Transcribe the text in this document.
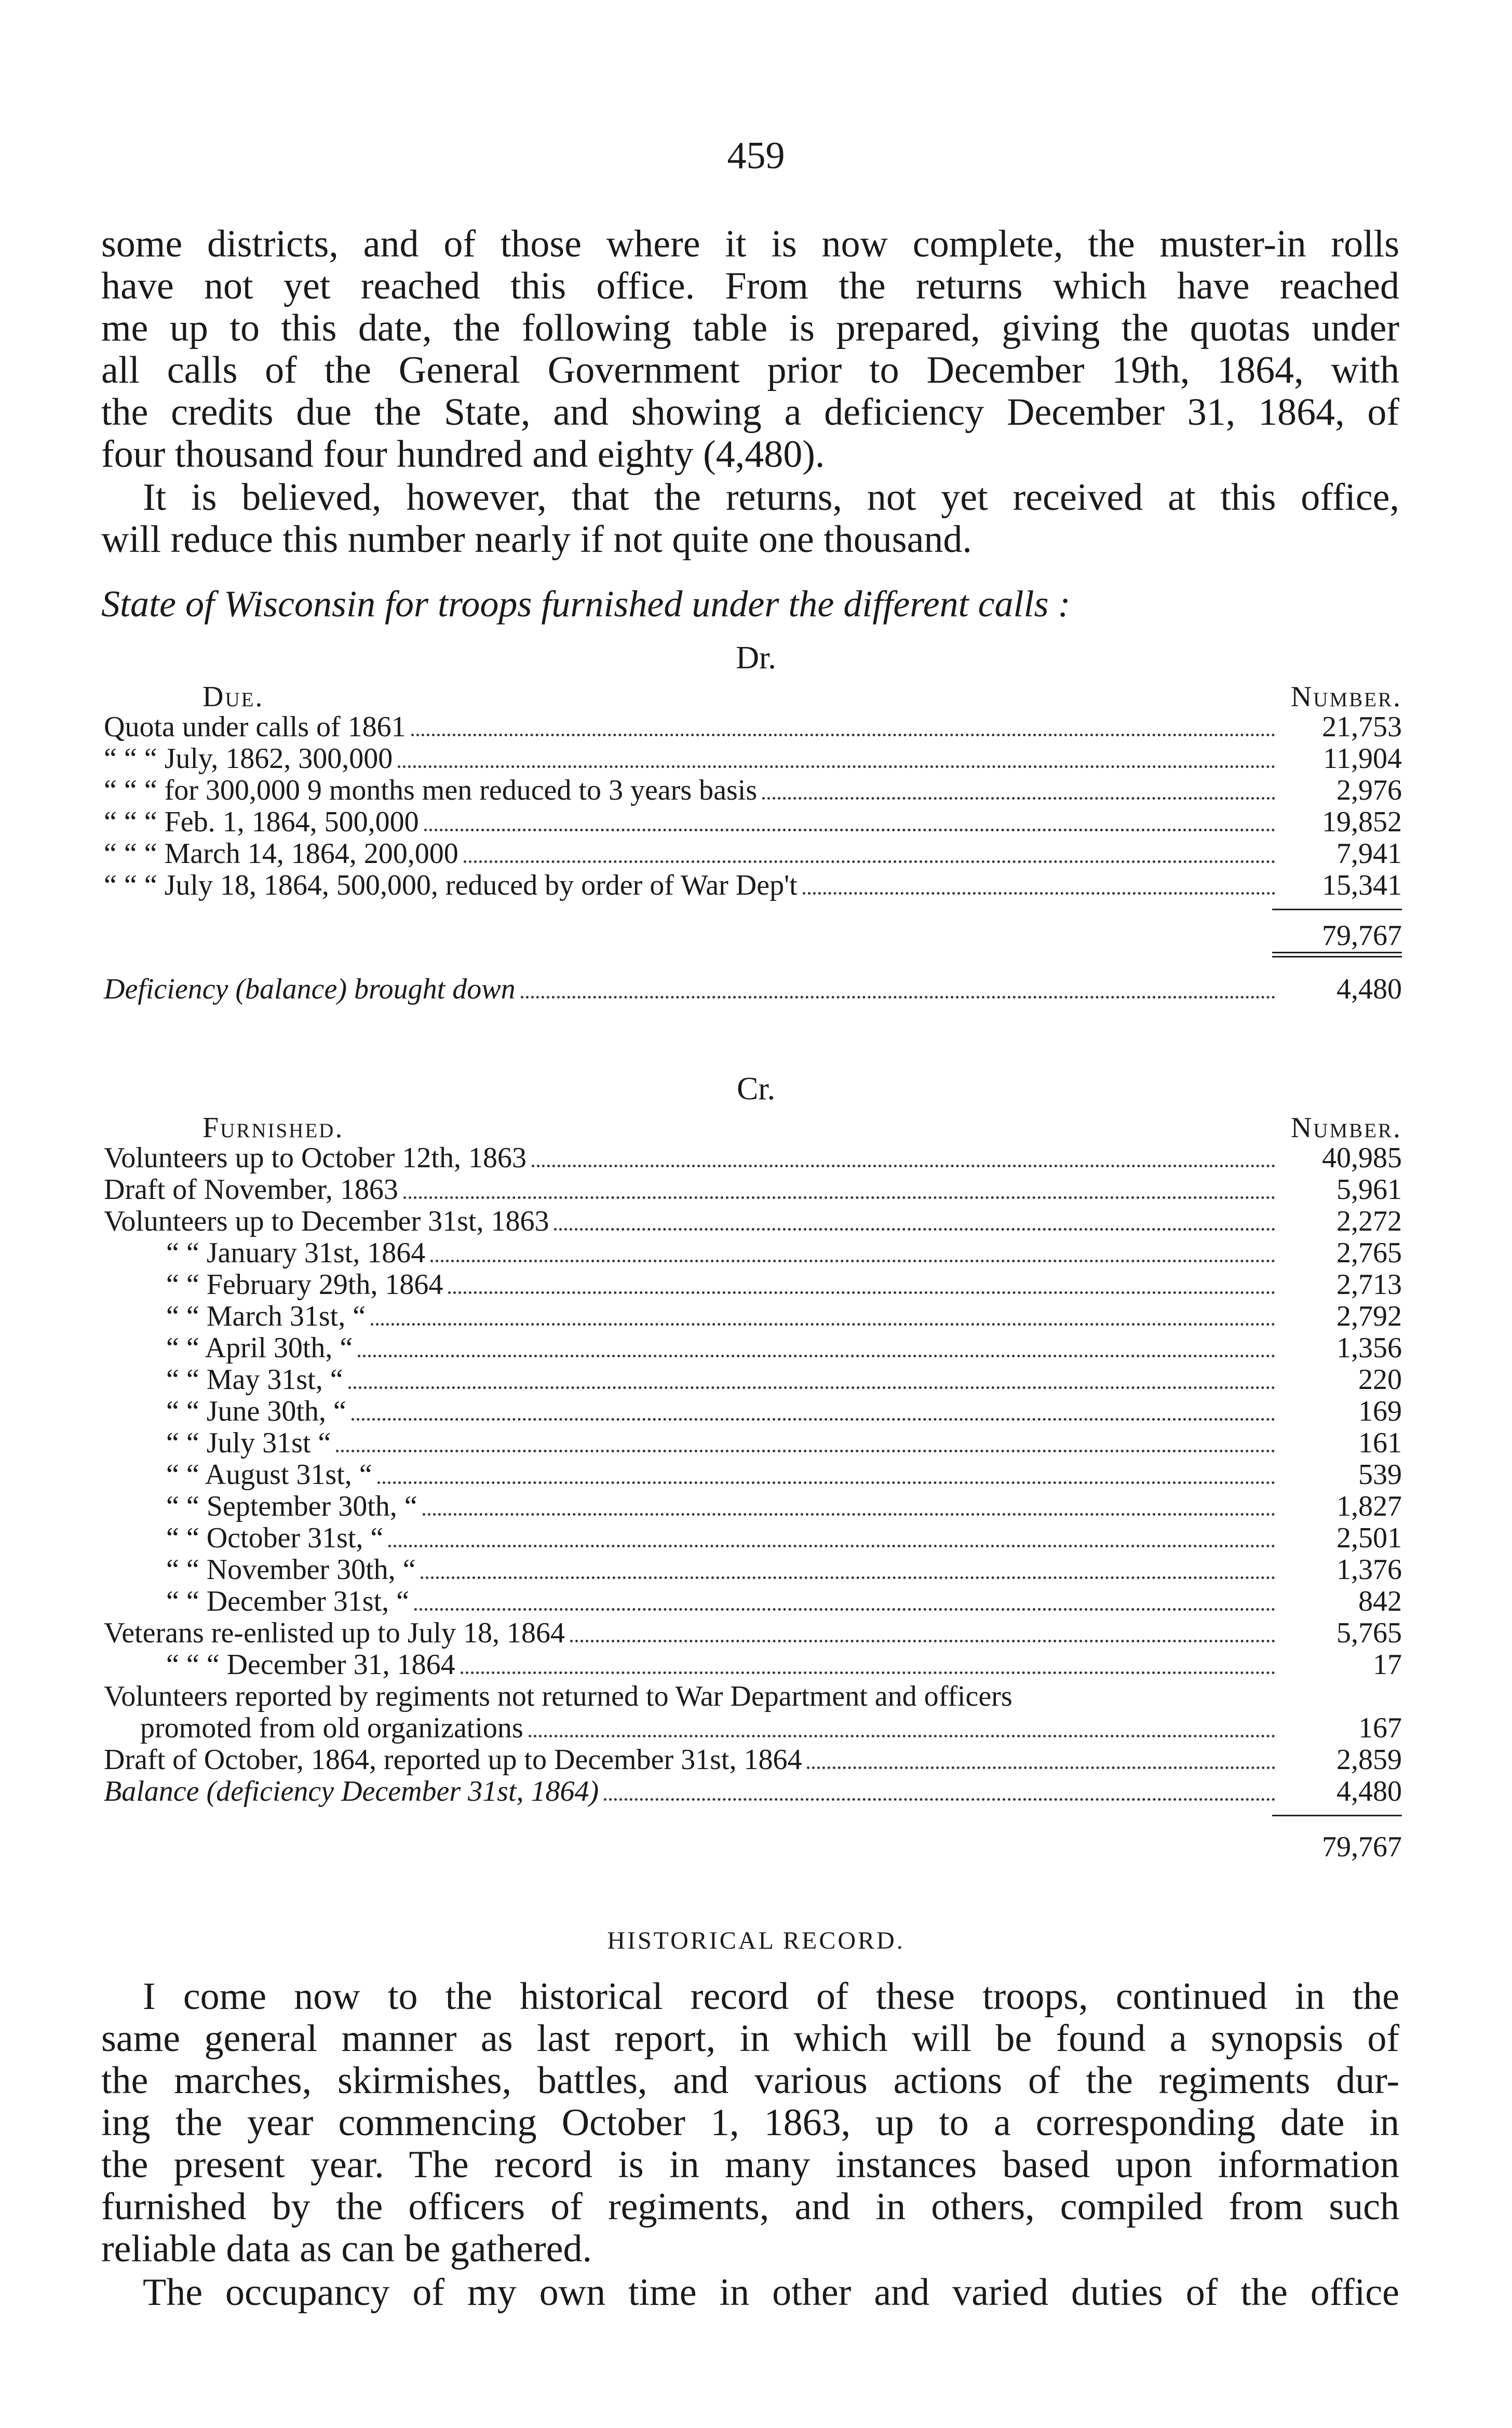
459
some districts, and of those where it is now complete, the muster-in rolls
have not yet reached this office. From the returns which have reached
me up to this date, the following table is prepared, giving the quotas under
all calls of the General Government prior to December 19th, 1864, with
the credits due the State, and showing a deficiency December 31, 1864, of
four thousand four hundred and eighty (4,480).
It is believed, however, that the returns, not yet received at this office,
will reduce this number nearly if not quite one thousand.
State of Wisconsin for troops furnished under the different calls :
Dr.
Due.	Number.
Quota under calls of 1861	21,753
“ “ “ July, 1862, 300,000	11,904
“ “ “ for 300,000 9 months men reduced to 3 years basis	2,976
“ “ “ Feb. 1, 1864, 500,000	19,852
“ “ “ March 14, 1864, 200,000	7,941
“ “ “ July 18, 1864, 500,000, reduced by order of War Dep't	15,341
79,767
Deficiency (balance) brought down	4,480
Cr.
Furnished.	Number.
Volunteers up to October 12th, 1863	40,985
Draft of November, 1863	5,961
Volunteers up to December 31st, 1863	2,272
“ “ January 31st, 1864	2,765
“ “ February 29th, 1864	2,713
“ “ March 31st, “	2,792
“ “ April 30th, “	1,356
“ “ May 31st, “	220
“ “ June 30th, “	169
“ “ July 31st “	161
“ “ August 31st, “	539
“ “ September 30th, “	1,827
“ “ October 31st, “	2,501
“ “ November 30th, “	1,376
“ “ December 31st, “	842
Veterans re-enlisted up to July 18, 1864	5,765
“ “ “ December 31, 1864	17
Volunteers reported by regiments not returned to War Department and officers
promoted from old organizations	167
Draft of October, 1864, reported up to December 31st, 1864	2,859
Balance (deficiency December 31st, 1864)	4,480
79,767
HISTORICAL RECORD.
I come now to the historical record of these troops, continued in the
same general manner as last report, in which will be found a synopsis of
the marches, skirmishes, battles, and various actions of the regiments dur-
ing the year commencing October 1, 1863, up to a corresponding date in
the present year. The record is in many instances based upon information
furnished by the officers of regiments, and in others, compiled from such
reliable data as can be gathered.
The occupancy of my own time in other and varied duties of the office
